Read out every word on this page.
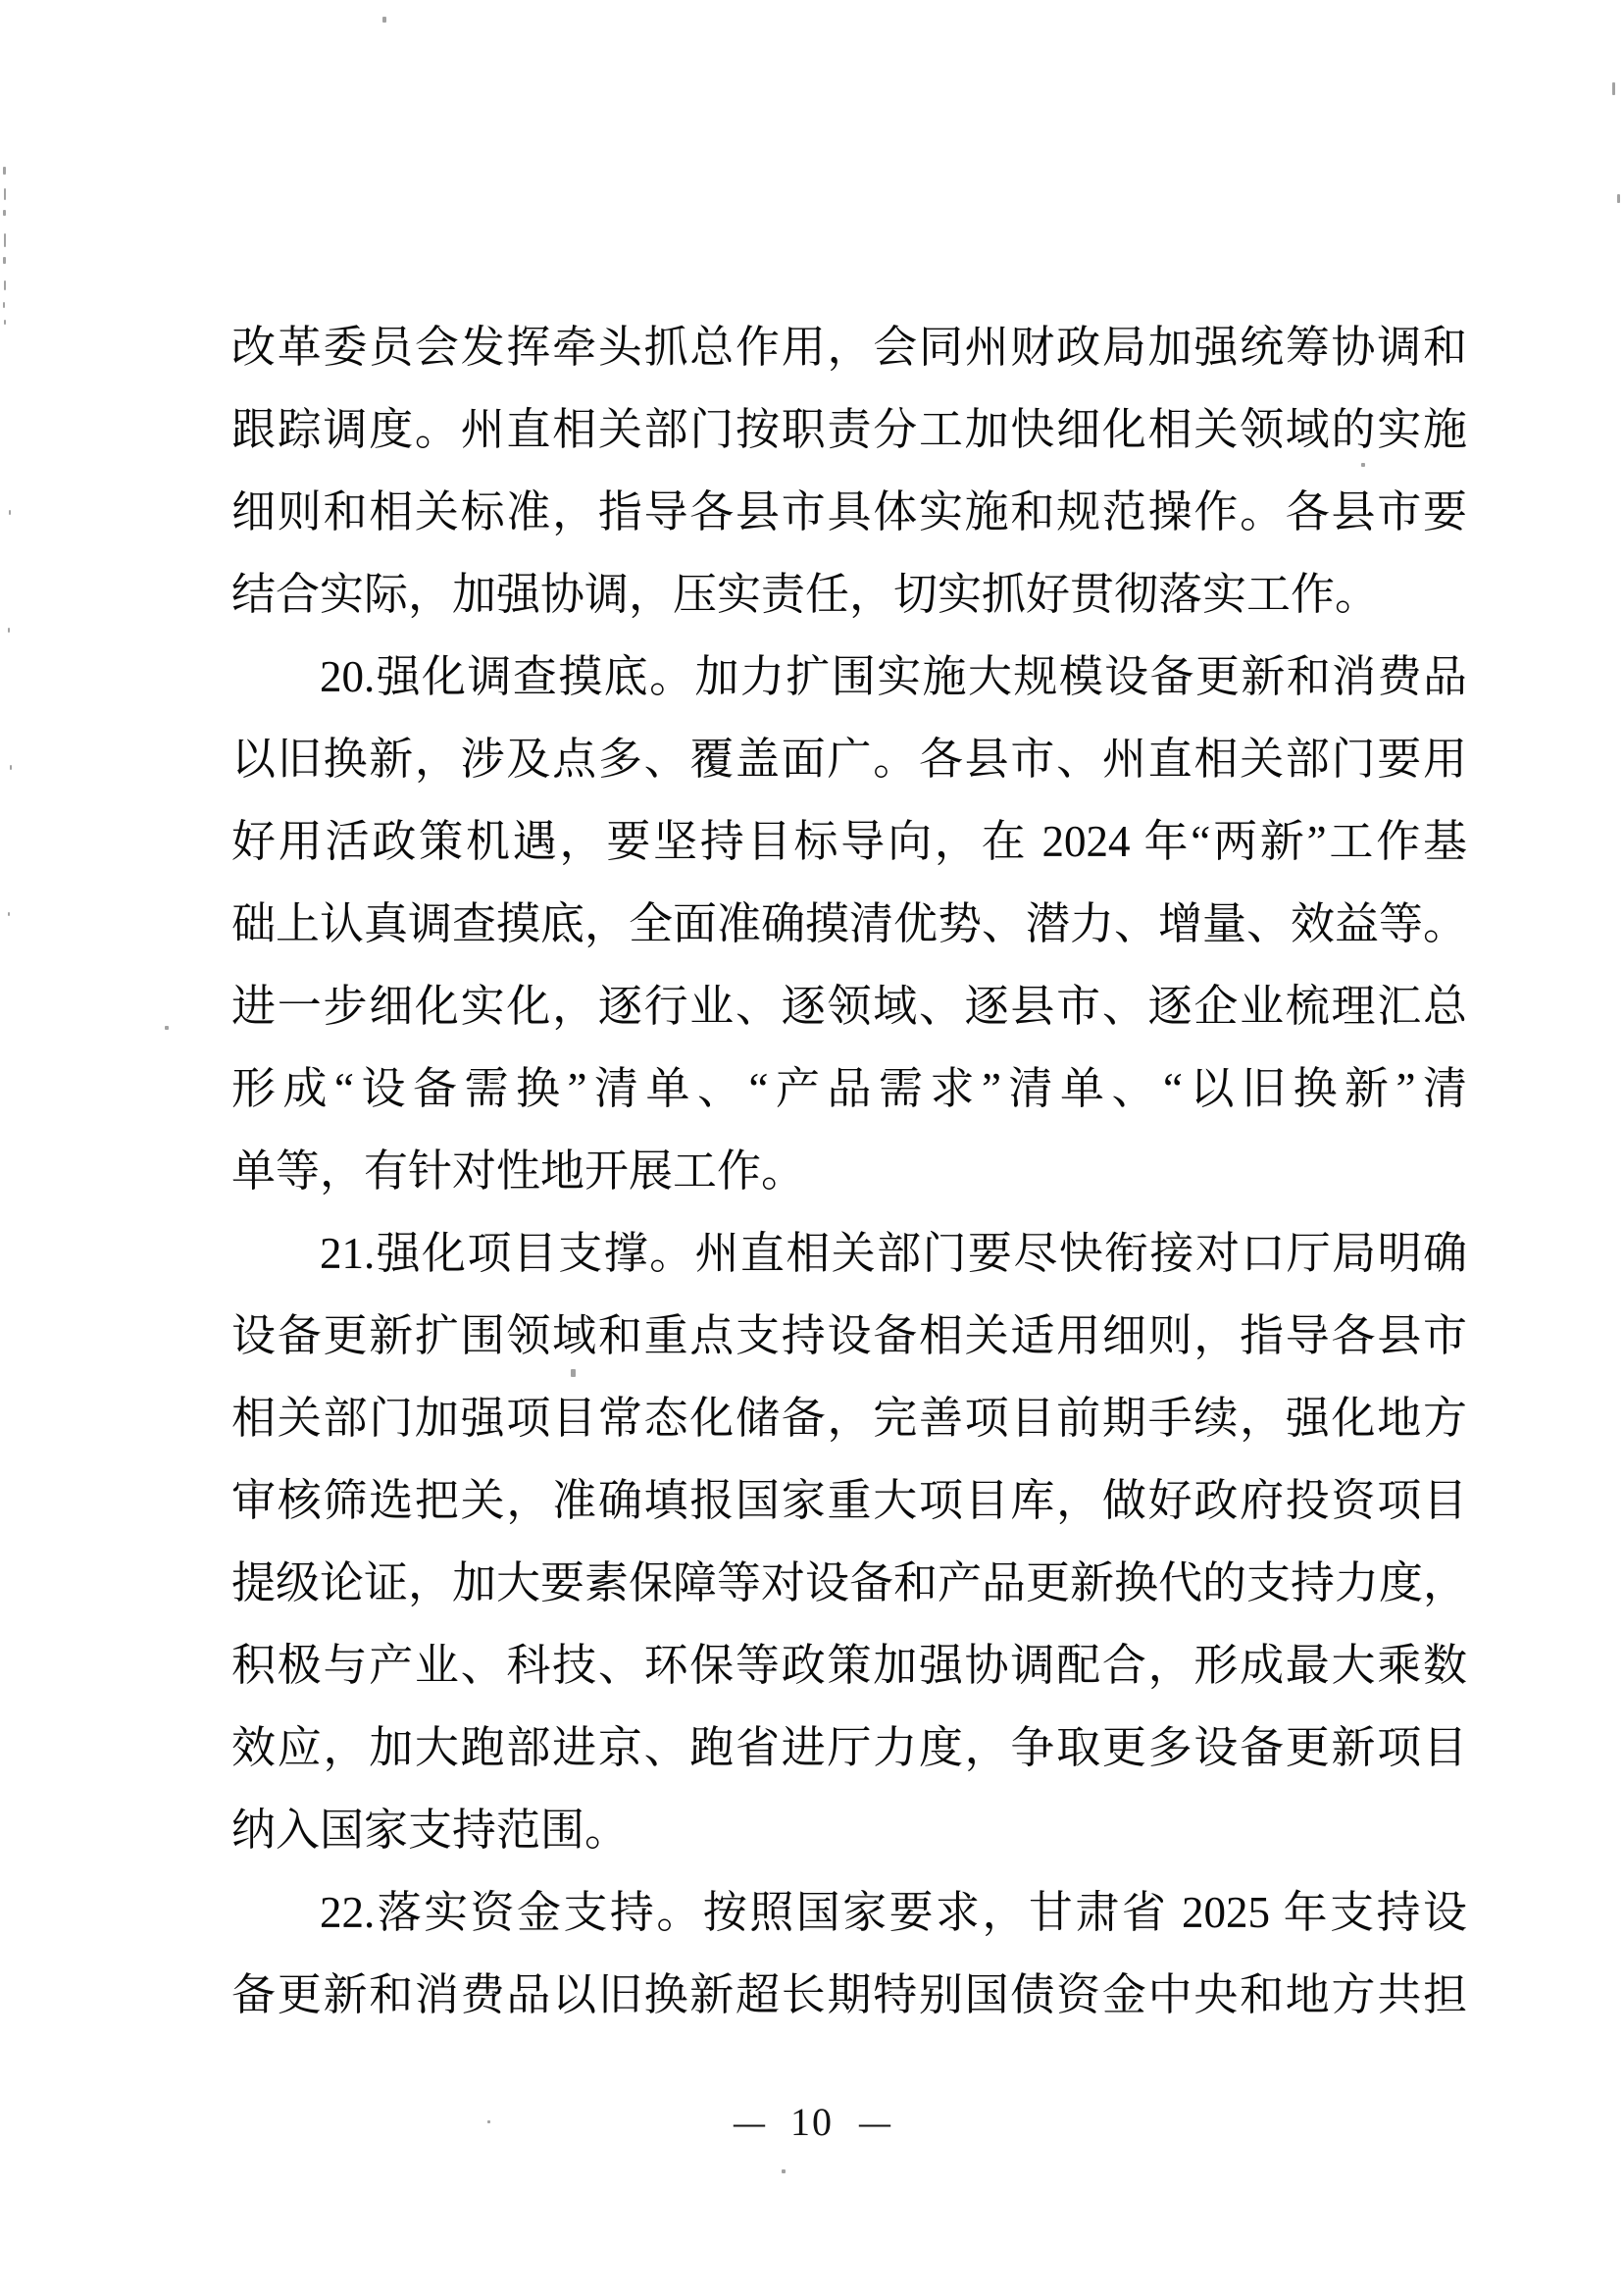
改革委员会发挥牵头抓总作用，会同州财政局加强统筹协调和
跟踪调度。州直相关部门按职责分工加快细化相关领域的实施
细则和相关标准，指导各县市具体实施和规范操作。各县市要
结合实际，加强协调，压实责任，切实抓好贯彻落实工作。
20.强化调查摸底。加力扩围实施大规模设备更新和消费品
以旧换新，涉及点多、覆盖面广。各县市、州直相关部门要用
好用活政策机遇，要坚持目标导向，在 2024 年“两新”工作基
础上认真调查摸底，全面准确摸清优势、潜力、增量、效益等。
进一步细化实化，逐行业、逐领域、逐县市、逐企业梳理汇总
形成“设备需换”清单、“产品需求”清单、“以旧换新”清
单等，有针对性地开展工作。
21.强化项目支撑。州直相关部门要尽快衔接对口厅局明确
设备更新扩围领域和重点支持设备相关适用细则，指导各县市
相关部门加强项目常态化储备，完善项目前期手续，强化地方
审核筛选把关，准确填报国家重大项目库，做好政府投资项目
提级论证，加大要素保障等对设备和产品更新换代的支持力度，
积极与产业、科技、环保等政策加强协调配合，形成最大乘数
效应，加大跑部进京、跑省进厅力度，争取更多设备更新项目
纳入国家支持范围。
22.落实资金支持。按照国家要求，甘肃省 2025 年支持设
备更新和消费品以旧换新超长期特别国债资金中央和地方共担
— 10 —
